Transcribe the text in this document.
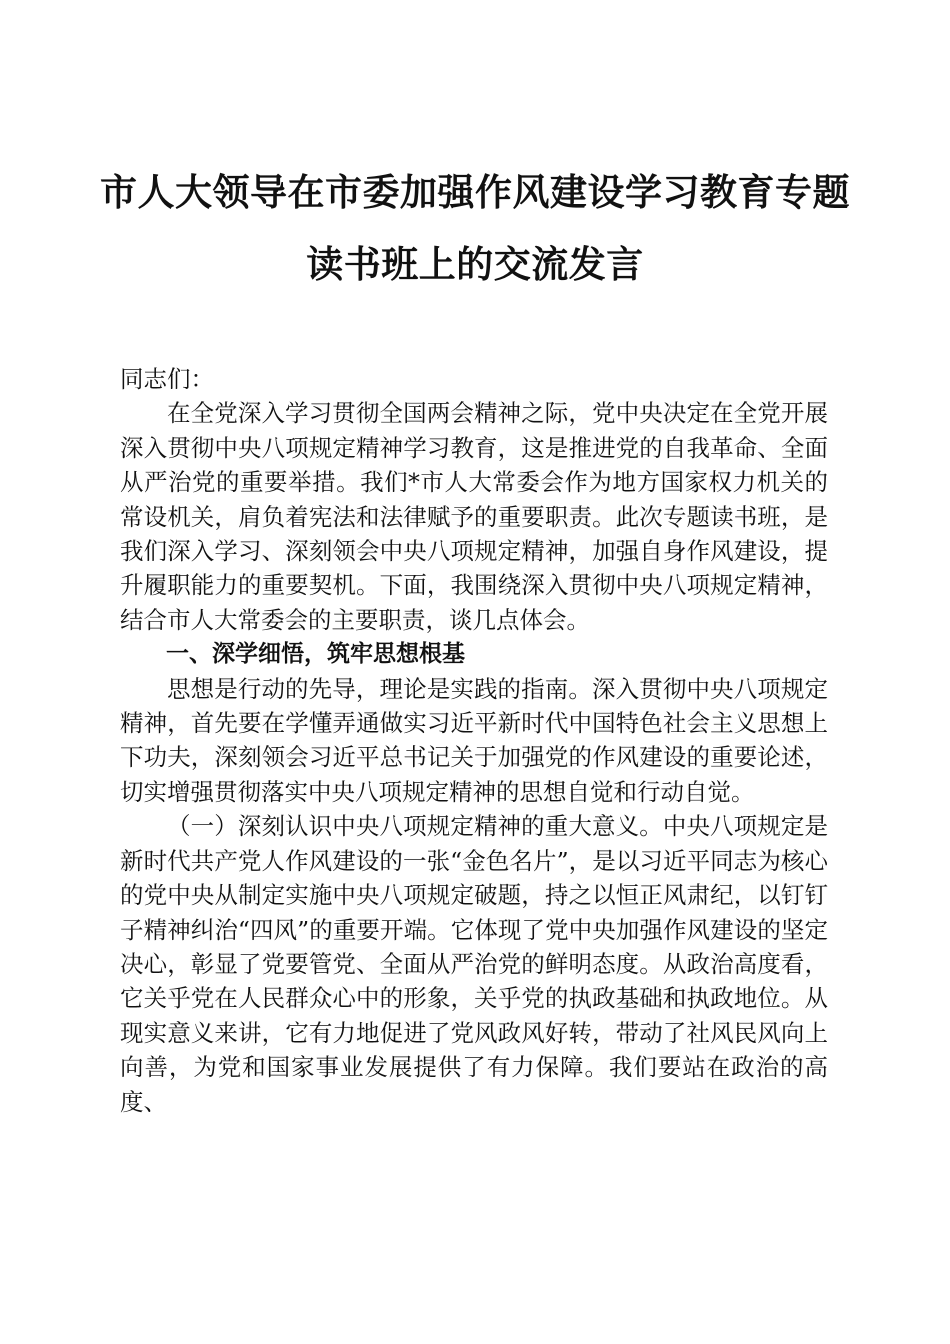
市人大领导在市委加强作风建设学习教育专题
读书班上的交流发言

同志们：

在全党深入学习贯彻全国两会精神之际，党中央决定在全党开展深入贯彻中央八项规定精神学习教育，这是推进党的自我革命、全面从严治党的重要举措。我们*市人大常委会作为地方国家权力机关的常设机关，肩负着宪法和法律赋予的重要职责。此次专题读书班，是我们深入学习、深刻领会中央八项规定精神，加强自身作风建设，提升履职能力的重要契机。下面，我围绕深入贯彻中央八项规定精神，结合市人大常委会的主要职责，谈几点体会。

一、深学细悟，筑牢思想根基

思想是行动的先导，理论是实践的指南。深入贯彻中央八项规定精神，首先要在学懂弄通做实习近平新时代中国特色社会主义思想上下功夫，深刻领会习近平总书记关于加强党的作风建设的重要论述，切实增强贯彻落实中央八项规定精神的思想自觉和行动自觉。

（一）深刻认识中央八项规定精神的重大意义。中央八项规定是新时代共产党人作风建设的一张“金色名片”，是以习近平同志为核心的党中央从制定实施中央八项规定破题，持之以恒正风肃纪，以钉钉子精神纠治“四风”的重要开端。它体现了党中央加强作风建设的坚定决心，彰显了党要管党、全面从严治党的鲜明态度。从政治高度看，它关乎党在人民群众心中的形象，关乎党的执政基础和执政地位。从现实意义来讲，它有力地促进了党风政风好转，带动了社风民风向上向善，为党和国家事业发展提供了有力保障。我们要站在政治的高度、
